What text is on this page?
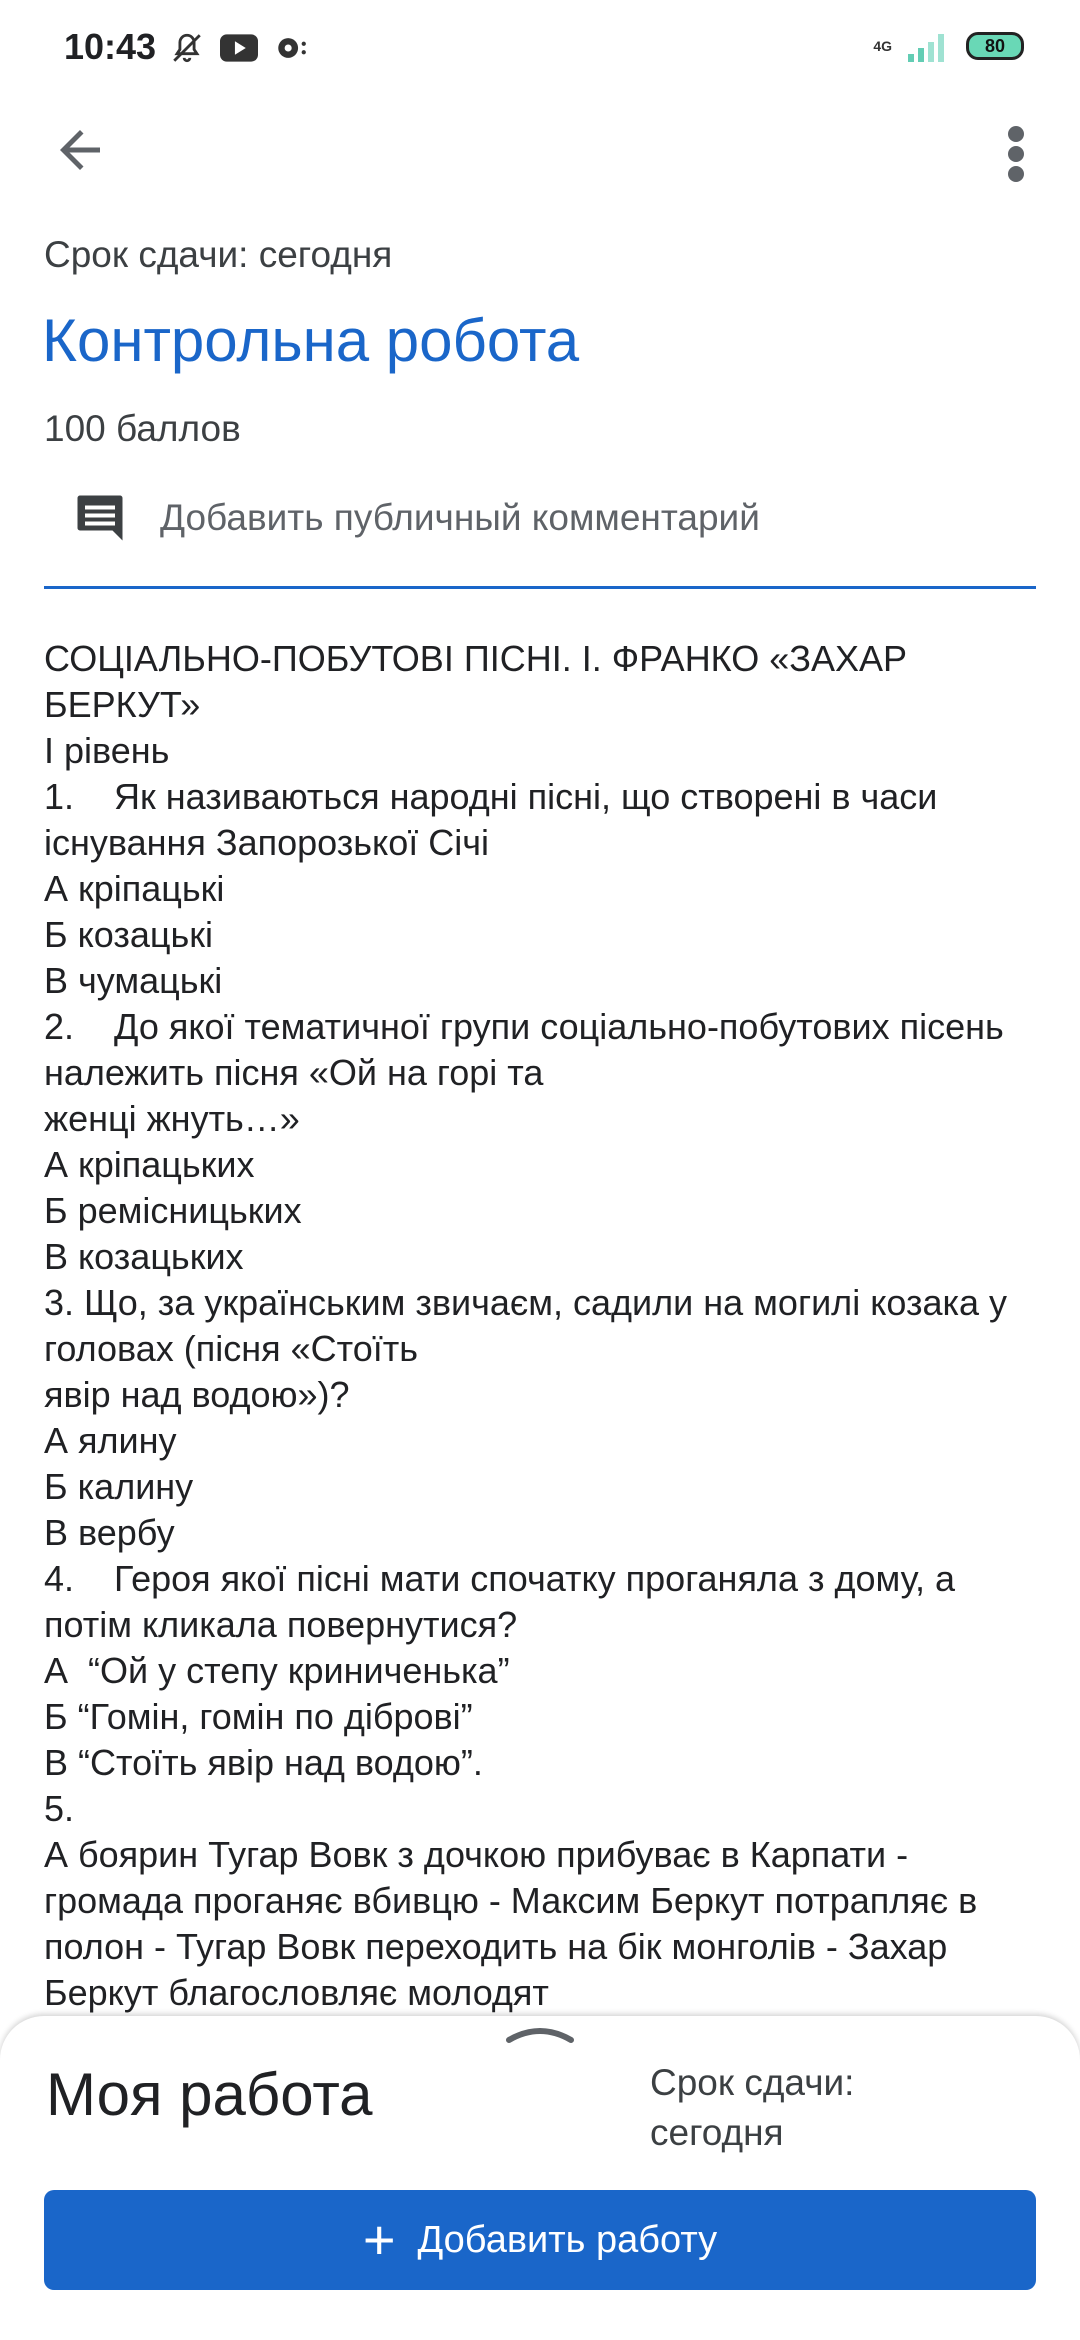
10:43	4G	80
Срок сдачи: сегодня
Контрольна робота
100 баллов
Добавить публичный комментарий
СОЦІАЛЬНО-ПОБУТОВІ ПІСНІ. І. ФРАНКО «ЗАХАР БЕРКУТ»
І рівень
1.    Як називаються народні пісні, що створені в часи існування Запорозької Січі
А кріпацькі
Б козацькі
В чумацькі
2.    До якої тематичної групи соціально-побутових пісень належить пісня «Ой на горі та
женці жнуть…»
А кріпацьких
Б ремісницьких
В козацьких
3. Що, за українським звичаєм, садили на могилі козака у головах (пісня «Стоїть
явір над водою»)?
А ялину
Б калину
В вербу
4.    Героя якої пісні мати спочатку проганяла з дому, а потім кликала повернутися?
А  “Ой у степу криниченька”
Б “Гомін, гомін по діброві”
В “Стоїть явір над водою”.
5.
А боярин Тугар Вовк з дочкою прибуває в Карпати - громада проганяє вбивцю - Максим Беркут потрапляє в полон - Тугар Вовк переходить на бік монголів - Захар Беркут благословляє молодят
Моя работа	Срок сдачи: сегодня
+ Добавить работу
